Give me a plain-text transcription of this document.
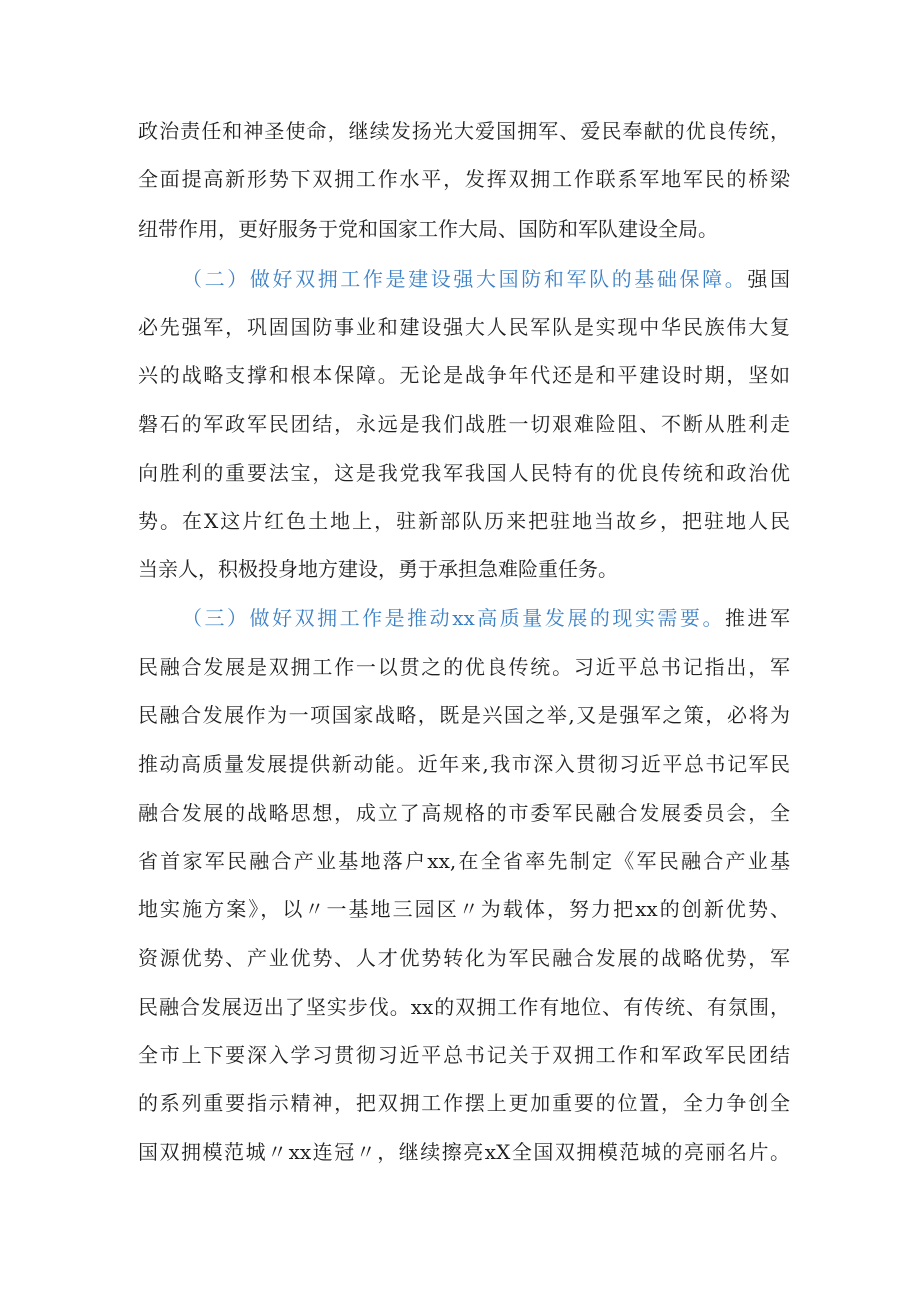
政治责任和神圣使命，继续发扬光大爱国拥军、爱民奉献的优良传统，
全面提高新形势下双拥工作水平，发挥双拥工作联系军地军民的桥梁
纽带作用，更好服务于党和国家工作大局、国防和军队建设全局。
（二）做好双拥工作是建设强大国防和军队的基础保障。强国
必先强军，巩固国防事业和建设强大人民军队是实现中华民族伟大复
兴的战略支撑和根本保障。无论是战争年代还是和平建设时期，坚如
磐石的军政军民团结，永远是我们战胜一切艰难险阻、不断从胜利走
向胜利的重要法宝，这是我党我军我国人民特有的优良传统和政治优
势。在X这片红色土地上，驻新部队历来把驻地当故乡，把驻地人民
当亲人，积极投身地方建设，勇于承担急难险重任务。
（三）做好双拥工作是推动xx高质量发展的现实需要。推进军
民融合发展是双拥工作一以贯之的优良传统。习近平总书记指出，军
民融合发展作为一项国家战略，既是兴国之举,又是强军之策，必将为
推动高质量发展提供新动能。近年来,我市深入贯彻习近平总书记军民
融合发展的战略思想，成立了高规格的市委军民融合发展委员会，全
省首家军民融合产业基地落户xx,在全省率先制定《军民融合产业基
地实施方案》，以〃一基地三园区〃为载体，努力把xx的创新优势、
资源优势、产业优势、人才优势转化为军民融合发展的战略优势，军
民融合发展迈出了坚实步伐。xx的双拥工作有地位、有传统、有氛围，
全市上下要深入学习贯彻习近平总书记关于双拥工作和军政军民团结
的系列重要指示精神，把双拥工作摆上更加重要的位置，全力争创全
国双拥模范城〃xx连冠〃，继续擦亮xX全国双拥模范城的亮丽名片。
